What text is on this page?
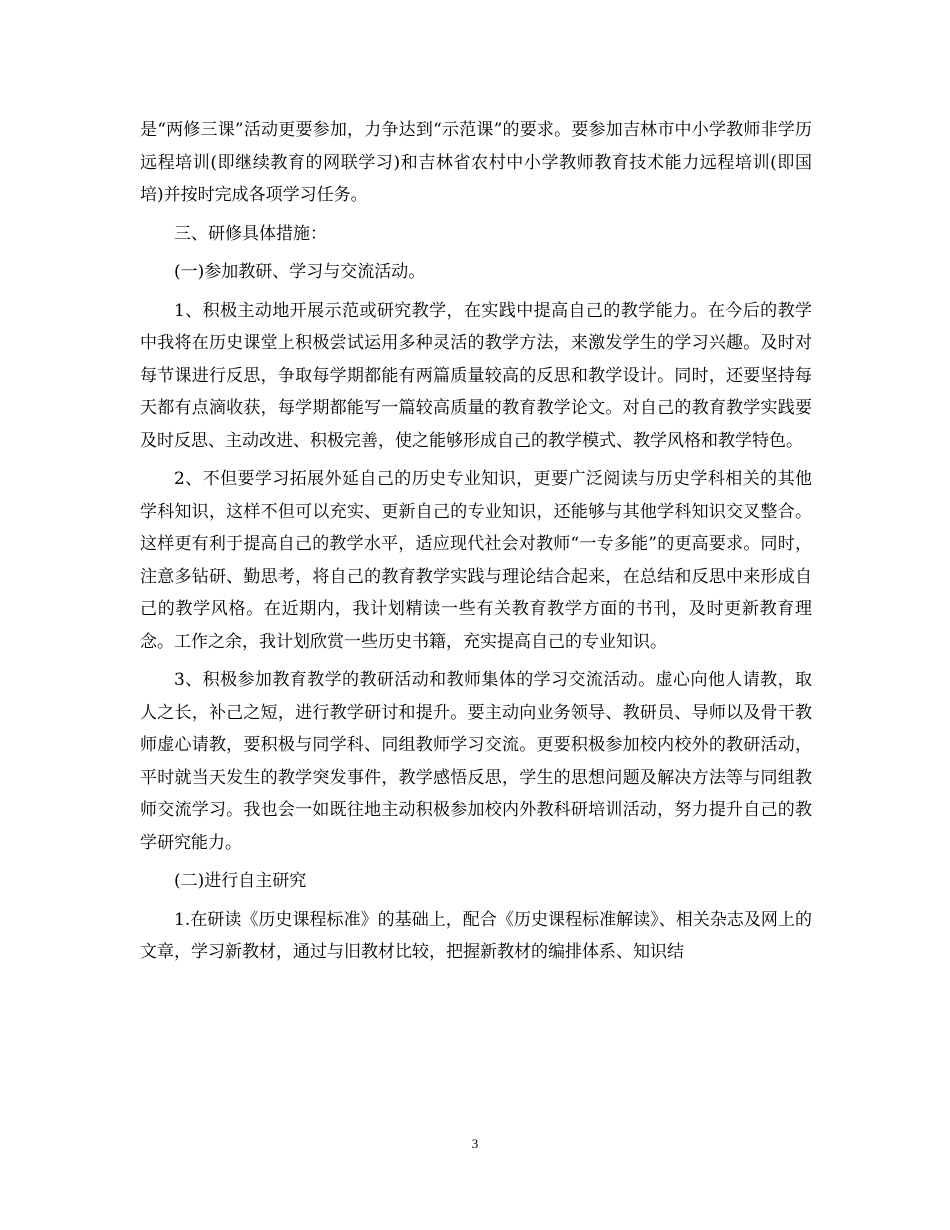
是“两修三课”活动更要参加，力争达到“示范课”的要求。要参加吉林市中小学教师非学历远程培训(即继续教育的网联学习)和吉林省农村中小学教师教育技术能力远程培训(即国培)并按时完成各项学习任务。

三、研修具体措施：

(一)参加教研、学习与交流活动。

1、积极主动地开展示范或研究教学，在实践中提高自己的教学能力。在今后的教学中我将在历史课堂上积极尝试运用多种灵活的教学方法，来激发学生的学习兴趣。及时对每节课进行反思，争取每学期都能有两篇质量较高的反思和教学设计。同时，还要坚持每天都有点滴收获，每学期都能写一篇较高质量的教育教学论文。对自己的教育教学实践要及时反思、主动改进、积极完善，使之能够形成自己的教学模式、教学风格和教学特色。

2、不但要学习拓展外延自己的历史专业知识，更要广泛阅读与历史学科相关的其他学科知识，这样不但可以充实、更新自己的专业知识，还能够与其他学科知识交叉整合。这样更有利于提高自己的教学水平，适应现代社会对教师“一专多能”的更高要求。同时，注意多钻研、勤思考，将自己的教育教学实践与理论结合起来，在总结和反思中来形成自己的教学风格。在近期内，我计划精读一些有关教育教学方面的书刊，及时更新教育理念。工作之余，我计划欣赏一些历史书籍，充实提高自己的专业知识。

3、积极参加教育教学的教研活动和教师集体的学习交流活动。虚心向他人请教，取人之长，补己之短，进行教学研讨和提升。要主动向业务领导、教研员、导师以及骨干教师虚心请教，要积极与同学科、同组教师学习交流。更要积极参加校内校外的教研活动，平时就当天发生的教学突发事件，教学感悟反思，学生的思想问题及解决方法等与同组教师交流学习。我也会一如既往地主动积极参加校内外教科研培训活动，努力提升自己的教学研究能力。

(二)进行自主研究

1.在研读《历史课程标准》的基础上，配合《历史课程标准解读》、相关杂志及网上的文章，学习新教材，通过与旧教材比较，把握新教材的编排体系、知识结

3
